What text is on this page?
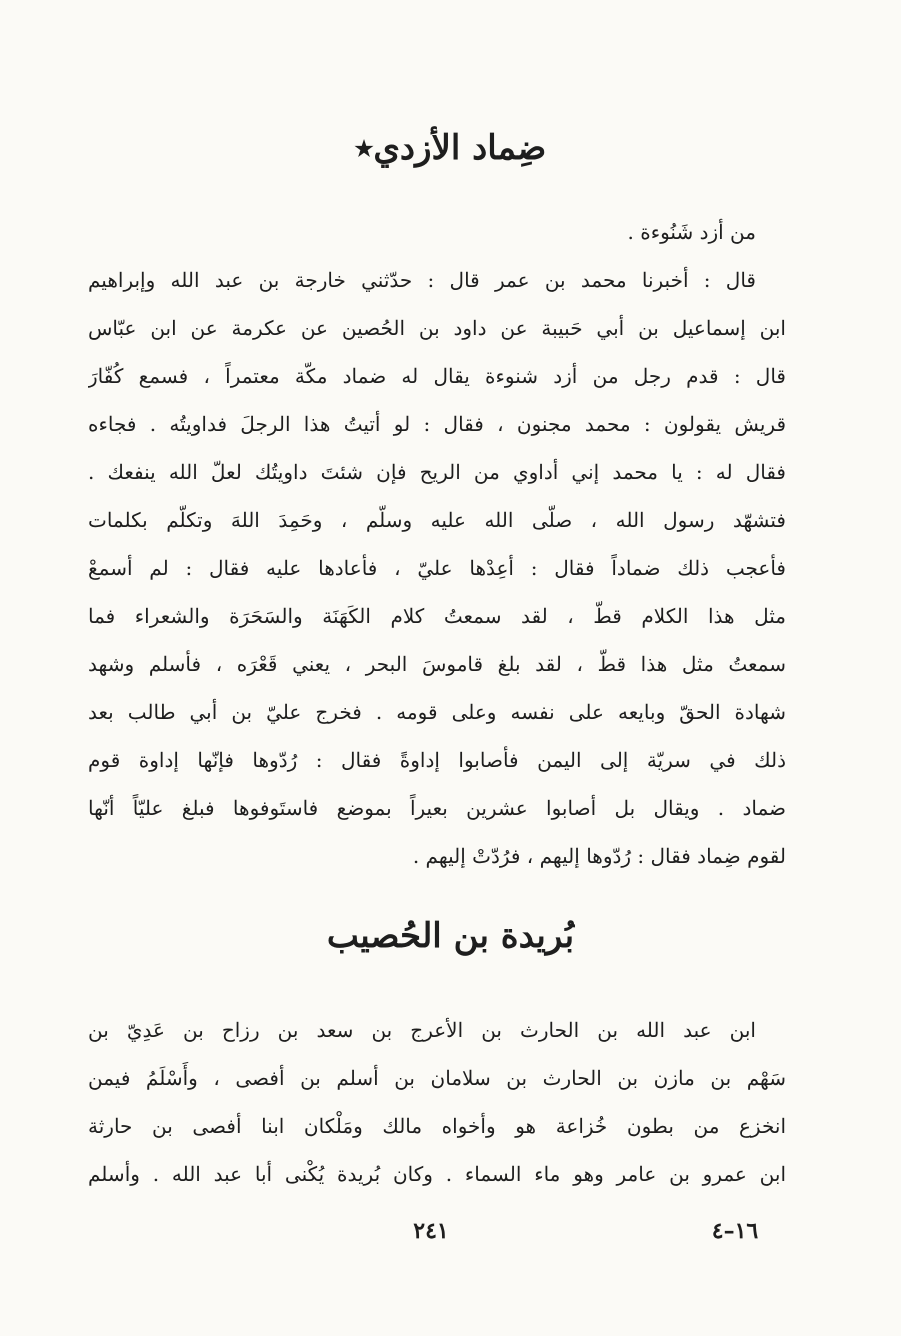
ضِماد الأزدي٭
من أزد شَنُوءة .
قال : أخبرنا محمد بن عمر قال : حدّثني خارجة بن عبد الله وإبراهيم
ابن إسماعيل بن أبي حَبيبة عن داود بن الحُصين عن عكرمة عن ابن عبّاس
قال : قدم رجل من أزد شنوءة يقال له ضماد مكّة معتمراً ، فسمع كُفّارَ
قريش يقولون : محمد مجنون ، فقال : لو أتيتُ هذا الرجلَ فداويتُه . فجاءه
فقال له : يا محمد إني أداوي من الريح فإن شئتَ داويتُك لعلّ الله ينفعك .
فتشهّد رسول الله ، صلّى الله عليه وسلّم ، وحَمِدَ اللهَ وتكلّم بكلمات
فأعجب ذلك ضماداً فقال : أعِدْها عليّ ، فأعادها عليه فقال : لم أسمعْ
مثل هذا الكلام قطّ ، لقد سمعتُ كلام الكَهَنَة والسَحَرَة والشعراء فما
سمعتُ مثل هذا قطّ ، لقد بلغ قاموسَ البحر ، يعني قَعْرَه ، فأسلم وشهد
شهادة الحقّ وبايعه على نفسه وعلى قومه . فخرج عليّ بن أبي طالب بعد
ذلك في سريّة إلى اليمن فأصابوا إداوةً فقال : رُدّوها فإنّها إداوة قوم
ضماد . ويقال بل أصابوا عشرين بعيراً بموضع فاستَوفوها فبلغ عليّاً أنّها
لقوم ضِماد فقال : رُدّوها إليهم ، فرُدّتْ إليهم .
بُريدة بن الحُصيب
ابن عبد الله بن الحارث بن الأعرج بن سعد بن رزاح بن عَدِيّ بن
سَهْم بن مازن بن الحارث بن سلامان بن أسلم بن أفصى ، وأَسْلَمُ فيمن
انخزع من بطون خُزاعة هو وأخواه مالك ومَلْكان ابنا أفصى بن حارثة
ابن عمرو بن عامر وهو ماء السماء . وكان بُريدة يُكْنى أبا عبد الله . وأسلم
٢٤١	١٦–٤
